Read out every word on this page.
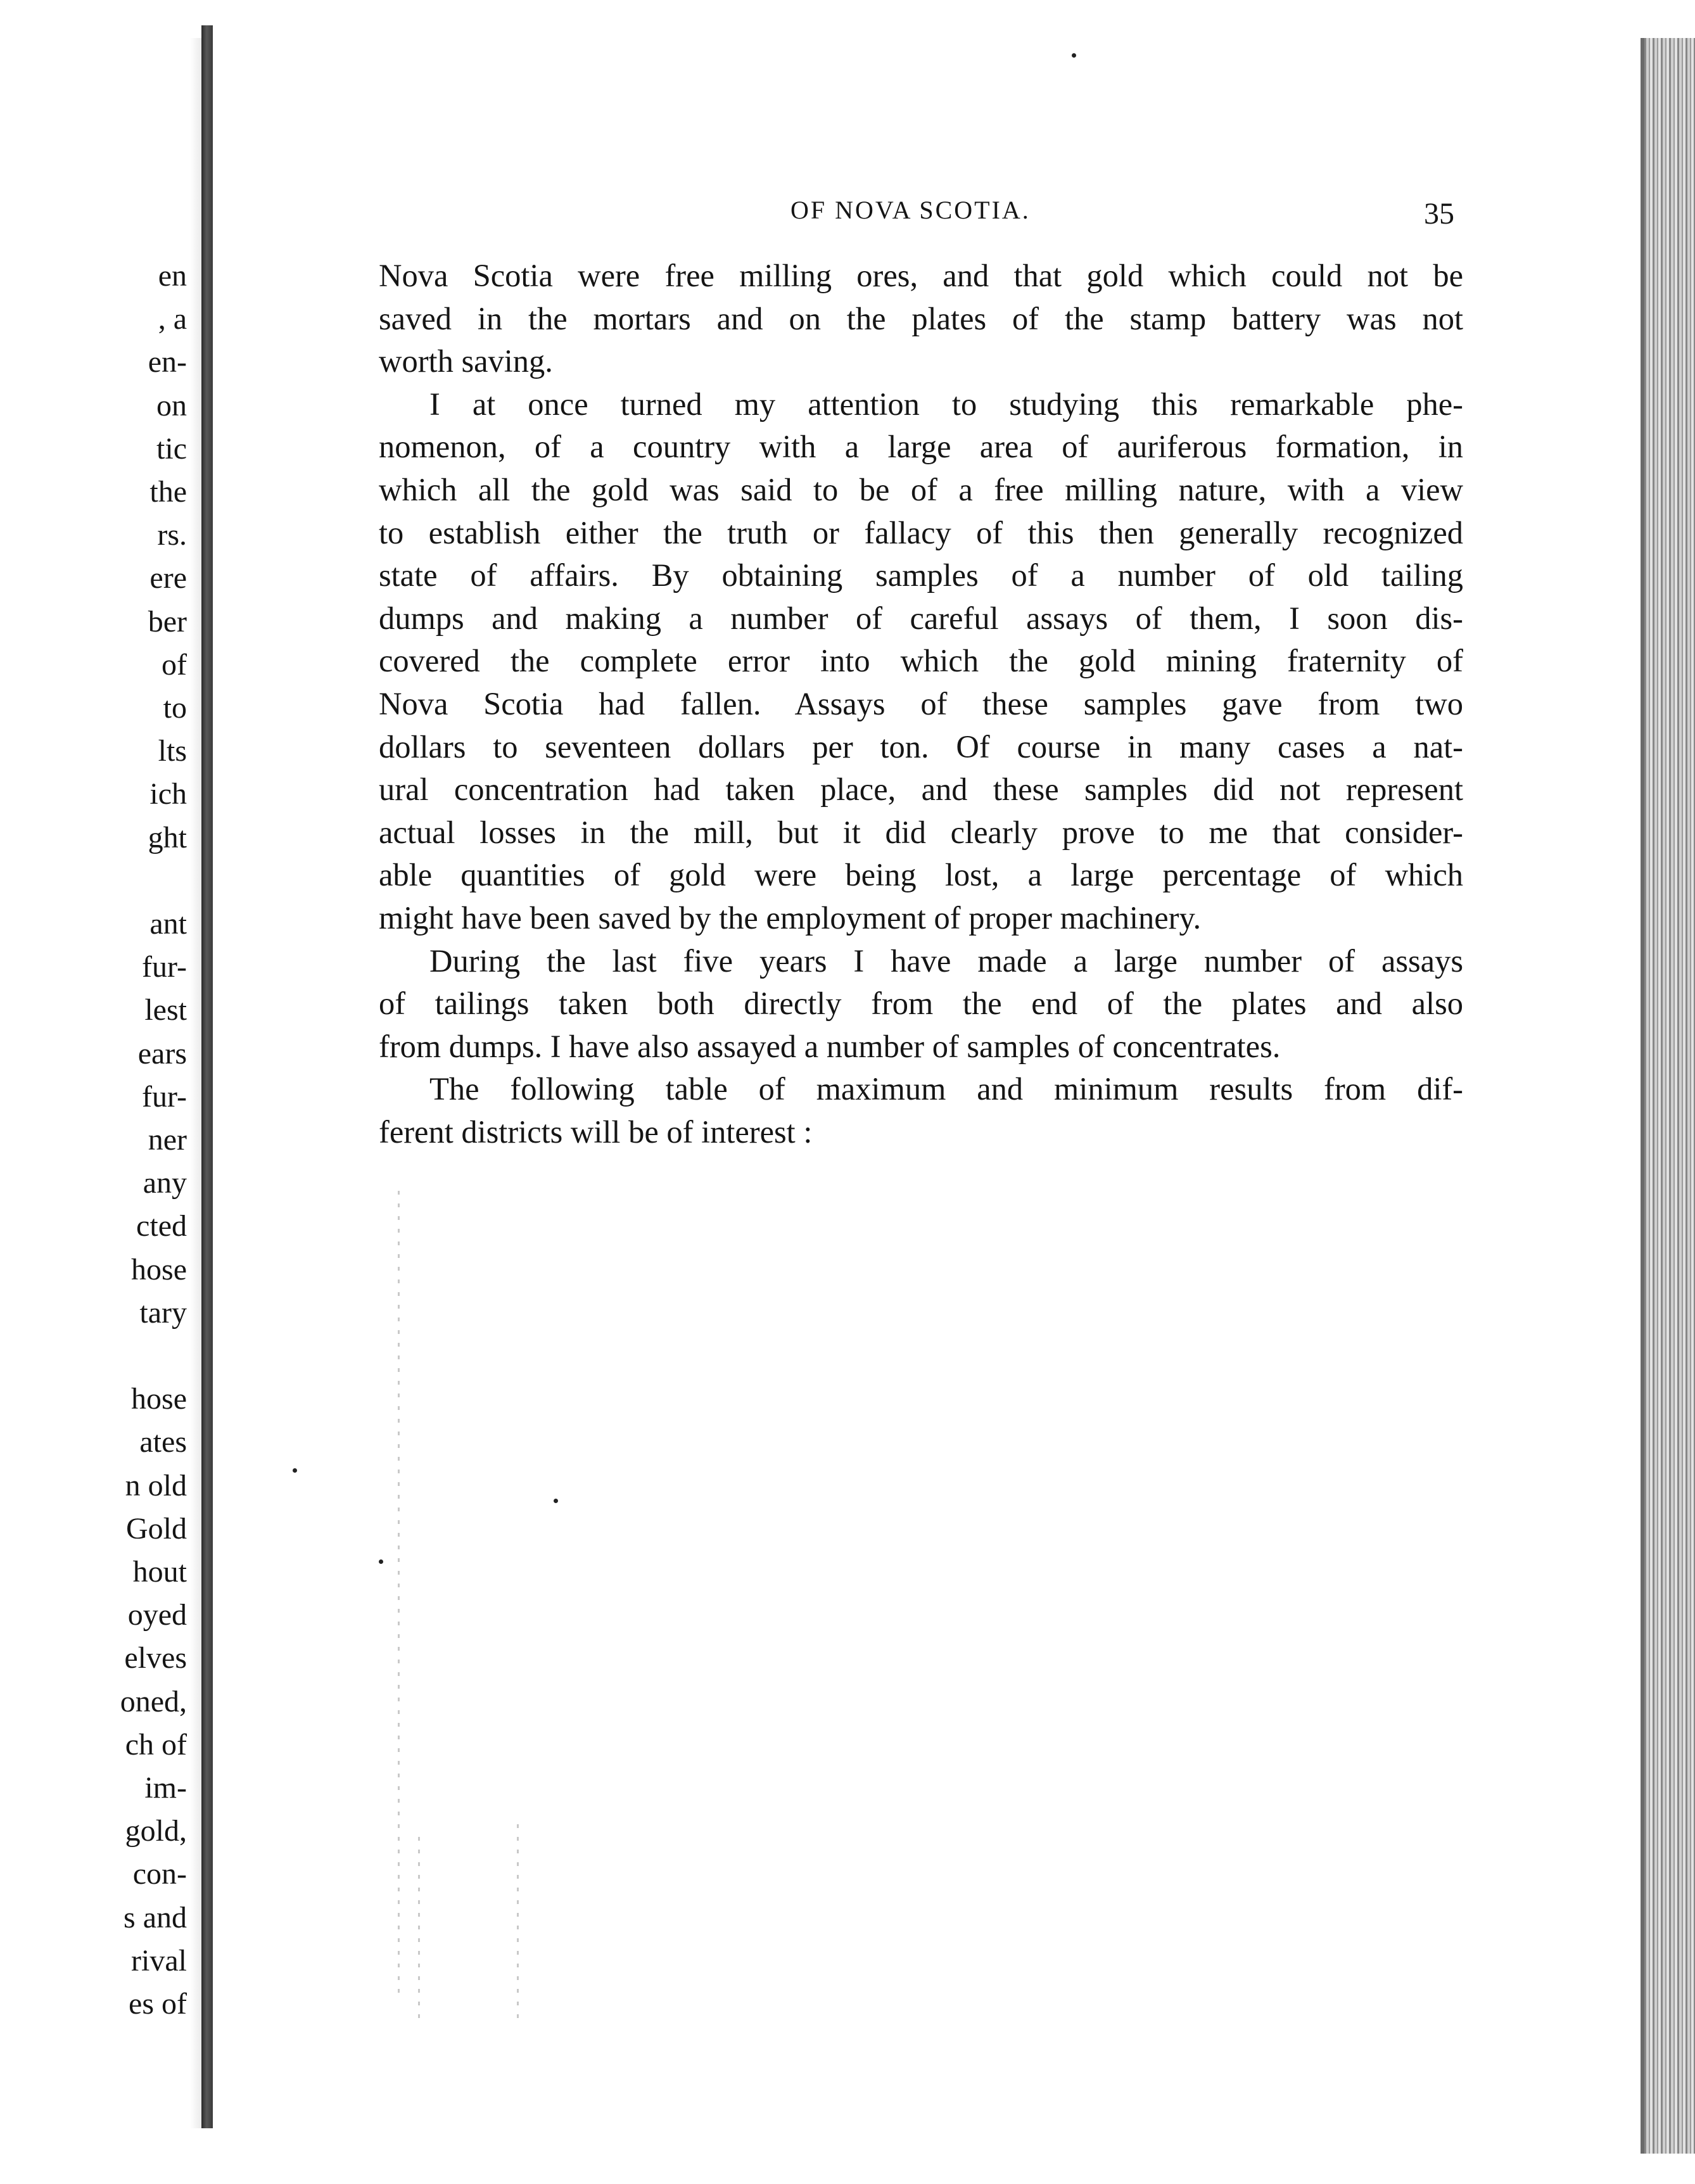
en
, a
en-
on
tic
the
rs.
ere
ber
of
to
lts
ich
ght
ant
fur-
lest
ears
fur-
ner
any
cted
hose
tary
hose
ates
n old
Gold
hout
oyed
elves
oned,
ch of
im-
gold,
con-
s and
rival
es of
OF NOVA SCOTIA.	35
Nova Scotia were free milling ores, and that gold which could not be
saved in the mortars and on the plates of the stamp battery was not
worth saving.
I at once turned my attention to studying this remarkable phe-
nomenon, of a country with a large area of auriferous formation, in
which all the gold was said to be of a free milling nature, with a view
to establish either the truth or fallacy of this then generally recognized
state of affairs. By obtaining samples of a number of old tailing
dumps and making a number of careful assays of them, I soon dis-
covered the complete error into which the gold mining fraternity of
Nova Scotia had fallen. Assays of these samples gave from two
dollars to seventeen dollars per ton. Of course in many cases a nat-
ural concentration had taken place, and these samples did not represent
actual losses in the mill, but it did clearly prove to me that consider-
able quantities of gold were being lost, a large percentage of which
might have been saved by the employment of proper machinery.
During the last five years I have made a large number of assays
of tailings taken both directly from the end of the plates and also
from dumps. I have also assayed a number of samples of concentrates.
The following table of maximum and minimum results from dif-
ferent districts will be of interest :
